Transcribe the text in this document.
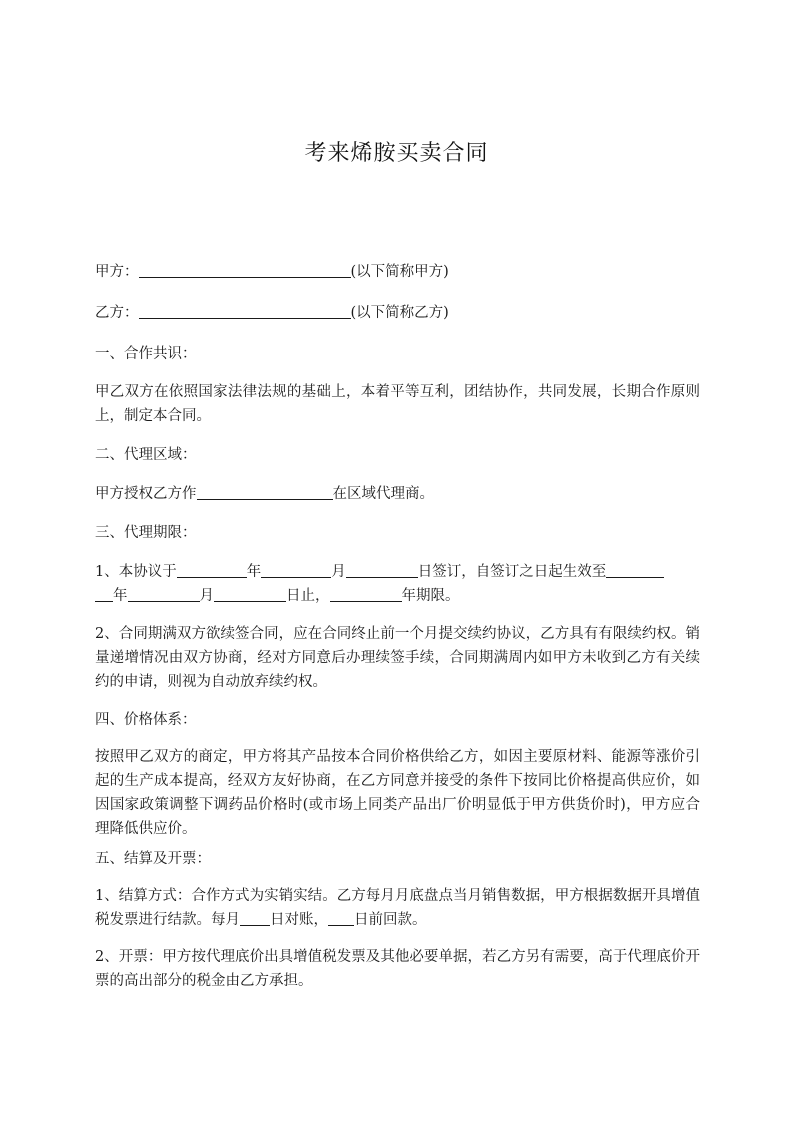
考来烯胺买卖合同
甲方：	(以下简称甲方)
乙方：	(以下简称乙方)
一、合作共识：
甲乙双方在依照国家法律法规的基础上，本着平等互利，团结协作，共同发展，长期合作原则上，制定本合同。
二、代理区域：
甲方授权乙方作	在区域代理商。
三、代理期限：
1、本协议于	年	月	日签订，自签订之日起生效至
年	月	日止，	年期限。
2、合同期满双方欲续签合同，应在合同终止前一个月提交续约协议，乙方具有有限续约权。销量递增情况由双方协商，经对方同意后办理续签手续，合同期满周内如甲方未收到乙方有关续约的申请，则视为自动放弃续约权。
四、价格体系：
按照甲乙双方的商定，甲方将其产品按本合同价格供给乙方，如因主要原材料、能源等涨价引起的生产成本提高，经双方友好协商，在乙方同意并接受的条件下按同比价格提高供应价，如因国家政策调整下调药品价格时(或市场上同类产品出厂价明显低于甲方供货价时)，甲方应合理降低供应价。
五、结算及开票：
1、结算方式：合作方式为实销实结。乙方每月月底盘点当月销售数据，甲方根据数据开具增值税发票进行结款。每月 日对账， 日前回款。
2、开票：甲方按代理底价出具增值税发票及其他必要单据，若乙方另有需要，高于代理底价开票的高出部分的税金由乙方承担。
